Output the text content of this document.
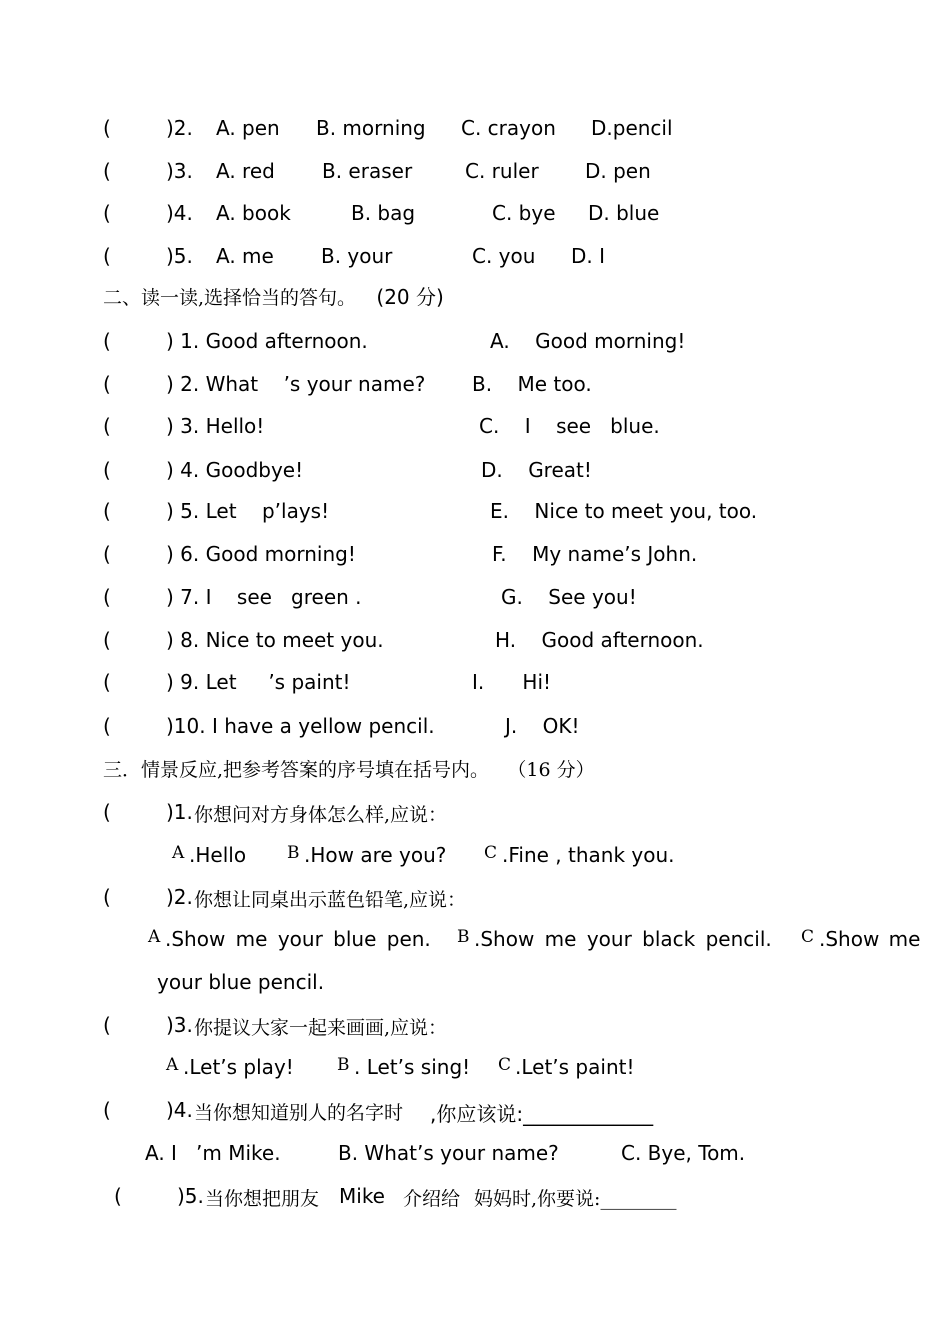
(	)2. A. pen B. morning C. crayon D.pencil
(	)3. A. red B. eraser	C. ruler D. pen
(	)4. A. book	B. bag	C. bye D. blue
(	)5. A. me B. your	C. you D. I
二、读一读,选择恰当的答句。 (20 分)
(	) 1. Good afternoon.	A.    Good morning!
(	) 2. What    ’s your name? B.    Me too.
(	) 3. Hello!	C.    I    see   blue.
(	) 4. Goodbye!	D.    Great!
(	) 5. Let    p’lays!	E.    Nice to meet you, too.
(	) 6. Good morning!	F.    My name’s John.
(	) 7. I    see   green .	G.    See you!
(	) 8. Nice to meet you.	H.    Good afternoon.
(	) 9. Let     ’s paint!	I.      Hi!
(	)10. I have a yellow pencil.	J.    OK!
三．情景反应,把参考答案的序号填在括号内。 （16 分）
(	)1. 你想问对方身体怎么样,应说：
A .Hello B .How are you? C .Fine , thank you.
(	)2. 你想让同桌出示蓝色铅笔,应说：
A .Show me your blue pen. B .Show me your black pencil. C .Show me
your blue pencil.
(	)3. 你提议大家一起来画画,应说：
A .Let’s play!	B . Let’s sing! C .Let’s paint!
(	)4. 当你想知道别人的名字时 ,你应该说:_____________
A. I   ’m Mike.	B. What’s your name?	C. Bye, Tom.
(	)5. 当你想把朋友 Mike 介绍给 妈妈时,你要说:________
